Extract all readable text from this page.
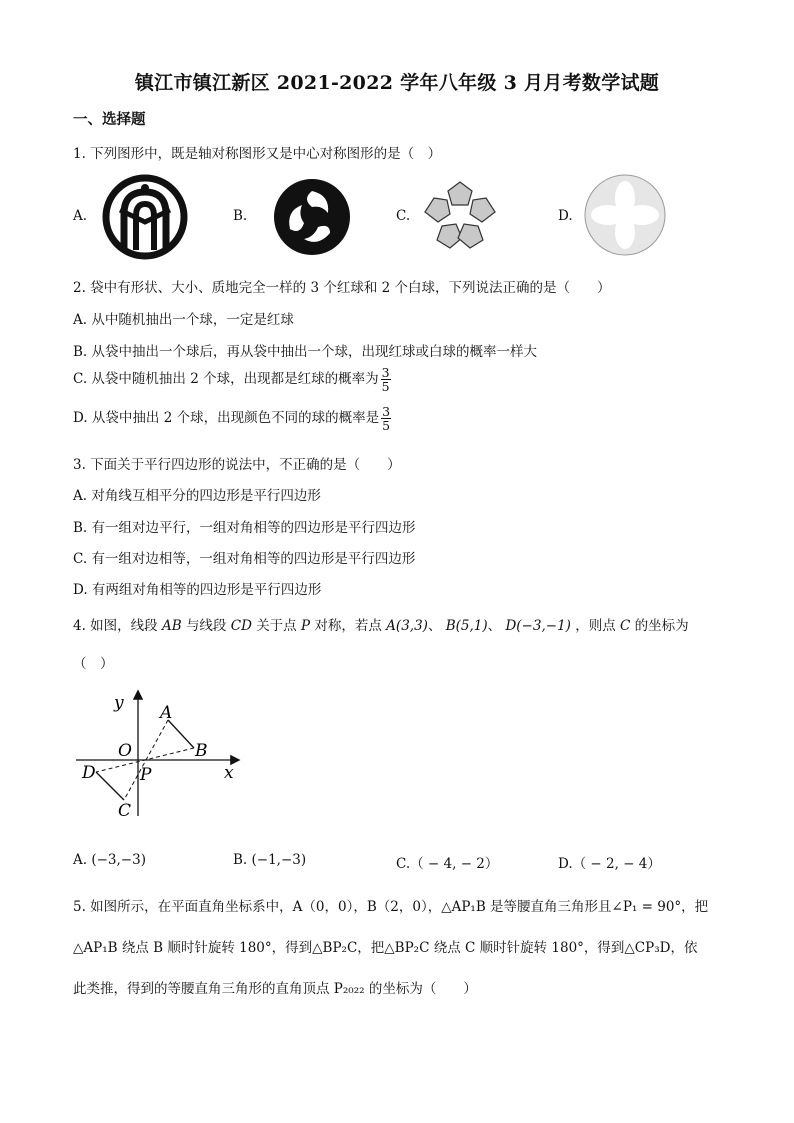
镇江市镇江新区 2021-2022 学年八年级 3 月月考数学试题
一、选择题
1. 下列图形中，既是轴对称图形又是中心对称图形的是（　）
A.	B.	C.	D.
2. 袋中有形状、大小、质地完全一样的 3 个红球和 2 个白球，下列说法正确的是（　　）
A. 从中随机抽出一个球，一定是红球
B. 从袋中抽出一个球后，再从袋中抽出一个球，出现红球或白球的概率一样大
C. 从袋中随机抽出 2 个球，出现都是红球的概率为 $\frac{3}{5}$
D. 从袋中抽出 2 个球，出现颜色不同的球的概率是 $\frac{3}{5}$
3. 下面关于平行四边形的说法中，不正确的是（　　）
A. 对角线互相平分的四边形是平行四边形
B. 有一组对边平行，一组对角相等的四边形是平行四边形
C. 有一组对边相等，一组对角相等的四边形是平行四边形
D. 有两组对角相等的四边形是平行四边形
4. 如图，线段 AB 与线段 CD 关于点 P 对称，若点 A(3,3)、 B(5,1)、 D(−3,−1) ，则点 C 的坐标为
（　）
y
x
O
A
B
C
D	P
A. (−3,−3)	B. (−1,−3)	C.（ − 4, − 2）	D.（ − 2, − 4）
5. 如图所示，在平面直角坐标系中，A（0，0），B（2，0），△AP₁B 是等腰直角三角形且∠P₁ = 90°，把
△AP₁B 绕点 B 顺时针旋转 180°，得到△BP₂C，把△BP₂C 绕点 C 顺时针旋转 180°，得到△CP₃D，依
此类推，得到的等腰直角三角形的直角顶点 P₂₀₂₂ 的坐标为（　　）
